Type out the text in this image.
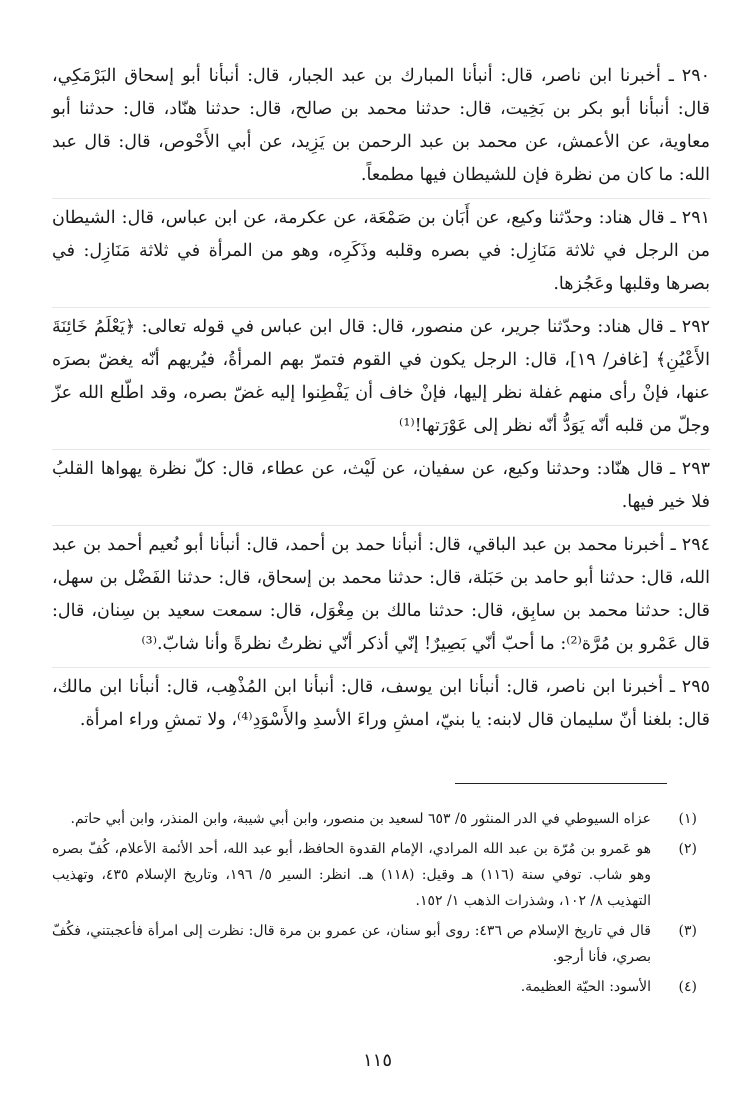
٢٩٠ ـ أخبرنا ابن ناصر، قال: أنبأنا المبارك بن عبد الجبار، قال: أنبأنا أبو إسحاق البَرْمَكِي، قال: أنبأنا أبو بكر بن بَخِيت، قال: حدثنا محمد بن صالح، قال: حدثنا هنّاد، قال: حدثنا أبو معاوية، عن الأعمش، عن محمد بن عبد الرحمن بن يَزِيد، عن أبي الأَحْوص، قال: قال عبد الله: ما كان من نظرة فإن للشيطان فيها مطمعاً.

٢٩١ ـ قال هناد: وحدّثنا وكيع، عن أَبَان بن صَمْعَة، عن عكرمة، عن ابن عباس، قال: الشيطان من الرجل في ثلاثة مَنَازِل: في بصره وقلبه وذَكَرِه، وهو من المرأة في ثلاثة مَنَازِل: في بصرها وقلبها وعَجُزها.

٢٩٢ ـ قال هناد: وحدّثنا جرير، عن منصور، قال: قال ابن عباس في قوله تعالى: ﴿يَعْلَمُ خَائِنَةَ الأَعْيُنِ﴾ [غافر/ ١٩]، قال: الرجل يكون في القوم فتمرّ بهم المرأةُ، فيُريهم أنّه يغضّ بصرَه عنها، فإنْ رأى منهم غفلة نظر إليها، فإنْ خاف أن يَفْطِنوا إليه غضّ بصره، وقد اطّلع الله عزّ وجلّ من قلبه أنّه يَوَدُّ أنّه نظر إلى عَوْرَتها!⁽¹⁾

٢٩٣ ـ قال هنّاد: وحدثنا وكيع، عن سفيان، عن لَيْث، عن عطاء، قال: كلّ نظرة يهواها القلبُ فلا خير فيها.

٢٩٤ ـ أخبرنا محمد بن عبد الباقي، قال: أنبأنا حمد بن أحمد، قال: أنبأنا أبو نُعيم أحمد بن عبد الله، قال: حدثنا أبو حامد بن حَبَلة، قال: حدثنا محمد بن إسحاق، قال: حدثنا الفَضْل بن سهل، قال: حدثنا محمد بن سابِق، قال: حدثنا مالك بن مِغْوَل، قال: سمعت سعيد بن سِنان، قال: قال عَمْرو بن مُرَّة⁽²⁾: ما أحبّ أنّي بَصِيرٌ! إنّي أذكر أنّي نظرتُ نظرةً وأنا شابّ.⁽³⁾

٢٩٥ ـ أخبرنا ابن ناصر، قال: أنبأنا ابن يوسف، قال: أنبأنا ابن المُذْهِب، قال: أنبأنا ابن مالك، قال: بلغنا أنّ سليمان قال لابنه: يا بنيّ، امشِ وراءَ الأسدِ والأَسْوَدِ⁽⁴⁾، ولا تمشِ وراء امرأة.

(١)
عزاه السيوطي في الدر المنثور ٥/ ٦٥٣ لسعيد بن منصور، وابن أبي شيبة، وابن المنذر، وابن أبي حاتم.
(٢)
هو عَمرو بن مُرّة بن عبد الله المرادي، الإمام القدوة الحافظ، أبو عبد الله، أحد الأئمة الأعلام، كُفّ بصره وهو شاب. توفي سنة (١١٦) هـ وقيل: (١١٨) هـ. انظر: السير ٥/ ١٩٦، وتاريخ الإسلام ٤٣٥، وتهذيب التهذيب ٨/ ١٠٢، وشذرات الذهب ١/ ١٥٢.
(٣)
قال في تاريخ الإسلام ص ٤٣٦: روى أبو سنان، عن عمرو بن مرة قال: نظرت إلى امرأة فأعجبتني، فكُفّ بصري، فأنا أرجو.
(٤)
الأسود: الحيّة العظيمة.
١١٥
